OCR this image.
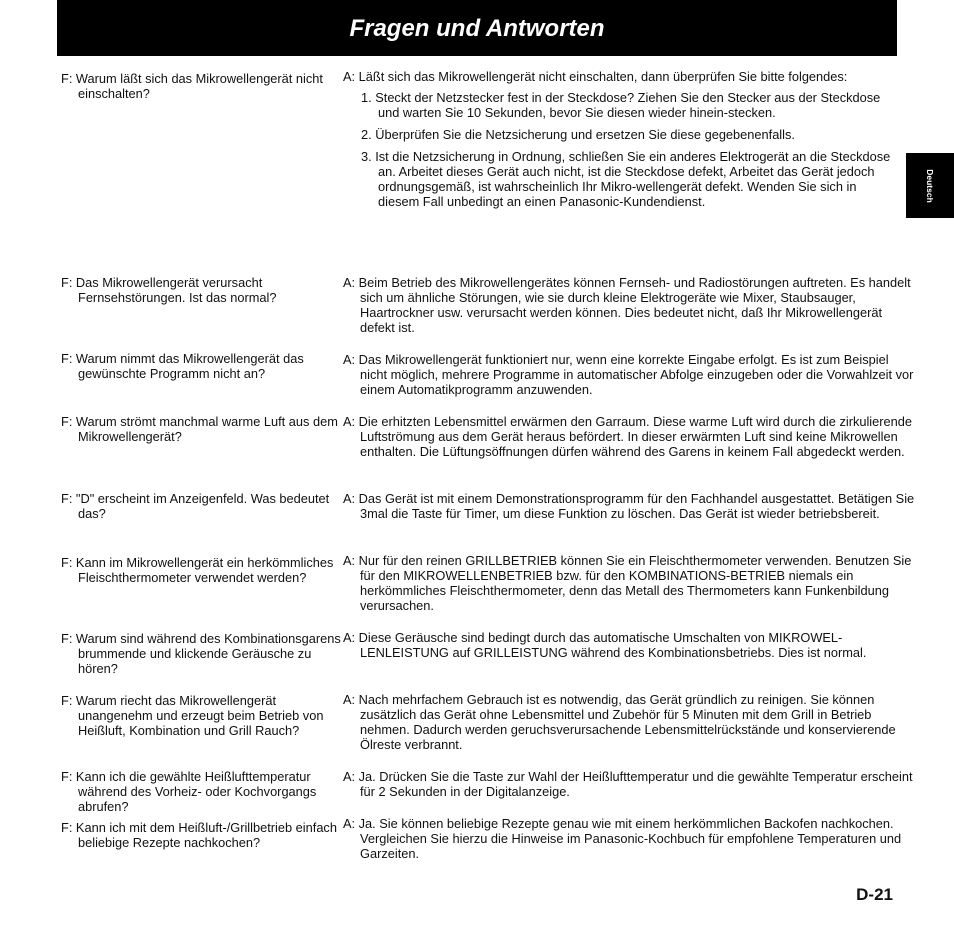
Fragen und Antworten
Deutsch

F: Warum läßt sich das Mikrowellengerät nicht einschalten?

A: Läßt sich das Mikrowellengerät nicht einschalten, dann überprüfen Sie bitte folgendes:

1. Steckt der Netzstecker fest in der Steckdose? Ziehen Sie den Stecker aus der Steckdose und warten Sie 10 Sekunden, bevor Sie diesen wieder hinein-stecken.
2. Überprüfen Sie die Netzsicherung und ersetzen Sie diese gegebenenfalls.
3. Ist die Netzsicherung in Ordnung, schließen Sie ein anderes Elektrogerät an die Steckdose an. Arbeitet dieses Gerät auch nicht, ist die Steckdose defekt, Arbeitet das Gerät jedoch ordnungsgemäß, ist wahrscheinlich Ihr Mikro-wellengerät defekt. Wenden Sie sich in diesem Fall unbedingt an einen Panasonic-Kundendienst.

F: Das Mikrowellengerät verursacht Fernsehstörungen. Ist das normal?

A: Beim Betrieb des Mikrowellengerätes können Fernseh- und Radiostörungen auftreten. Es handelt sich um ähnliche Störungen, wie sie durch kleine Elektrogeräte wie Mixer, Staubsauger, Haartrockner usw. verursacht werden können. Dies bedeutet nicht, daß Ihr Mikrowellengerät defekt ist.

F: Warum nimmt das Mikrowellengerät das gewünschte Programm nicht an?

A: Das Mikrowellengerät funktioniert nur, wenn eine korrekte Eingabe erfolgt. Es ist zum Beispiel nicht möglich, mehrere Programme in automatischer Abfolge einzugeben oder die Vorwahlzeit vor einem Automatikprogramm anzuwenden.

F: Warum strömt manchmal warme Luft aus dem Mikrowellengerät?

A: Die erhitzten Lebensmittel erwärmen den Garraum. Diese warme Luft wird durch die zirkulierende Luftströmung aus dem Gerät heraus befördert. In dieser erwärmten Luft sind keine Mikrowellen enthalten. Die Lüftungsöffnungen dürfen während des Garens in keinem Fall abgedeckt werden.

F: "D" erscheint im Anzeigenfeld. Was bedeutet das?

A: Das Gerät ist mit einem Demonstrationsprogramm für den Fachhandel ausgestattet. Betätigen Sie 3mal die Taste für Timer, um diese Funktion zu löschen. Das Gerät ist wieder betriebsbereit.

F: Kann im Mikrowellengerät ein herkömmliches Fleischthermometer verwendet werden?

A: Nur für den reinen GRILLBETRIEB können Sie ein Fleischthermometer verwenden. Benutzen Sie für den MIKROWELLENBETRIEB bzw. für den KOMBINATIONS-BETRIEB niemals ein herkömmliches Fleischthermometer, denn das Metall des Thermometers kann Funkenbildung verursachen.

F: Warum sind während des Kombinationsgarens brummende und klickende Geräusche zu hören?

A: Diese Geräusche sind bedingt durch das automatische Umschalten von MIKROWEL-LENLEISTUNG auf GRILLEISTUNG während des Kombinationsbetriebs. Dies ist normal.

F: Warum riecht das Mikrowellengerät unangenehm und erzeugt beim Betrieb von Heißluft, Kombination und Grill Rauch?

A: Nach mehrfachem Gebrauch ist es notwendig, das Gerät gründlich zu reinigen. Sie können zusätzlich das Gerät ohne Lebensmittel und Zubehör für 5 Minuten mit dem Grill in Betrieb nehmen. Dadurch werden geruchsverursachende Lebensmittelrückstände und konservierende Ölreste verbrannt.

F: Kann ich die gewählte Heißlufttemperatur während des Vorheiz- oder Kochvorgangs abrufen?

A: Ja. Drücken Sie die Taste zur Wahl der Heißlufttemperatur und die gewählte Temperatur erscheint für 2 Sekunden in der Digitalanzeige.

F: Kann ich mit dem Heißluft-/Grillbetrieb einfach beliebige Rezepte nachkochen?

A: Ja. Sie können beliebige Rezepte genau wie mit einem herkömmlichen Backofen nachkochen. Vergleichen Sie hierzu die Hinweise im Panasonic-Kochbuch für empfohlene Temperaturen und Garzeiten.

D-21
